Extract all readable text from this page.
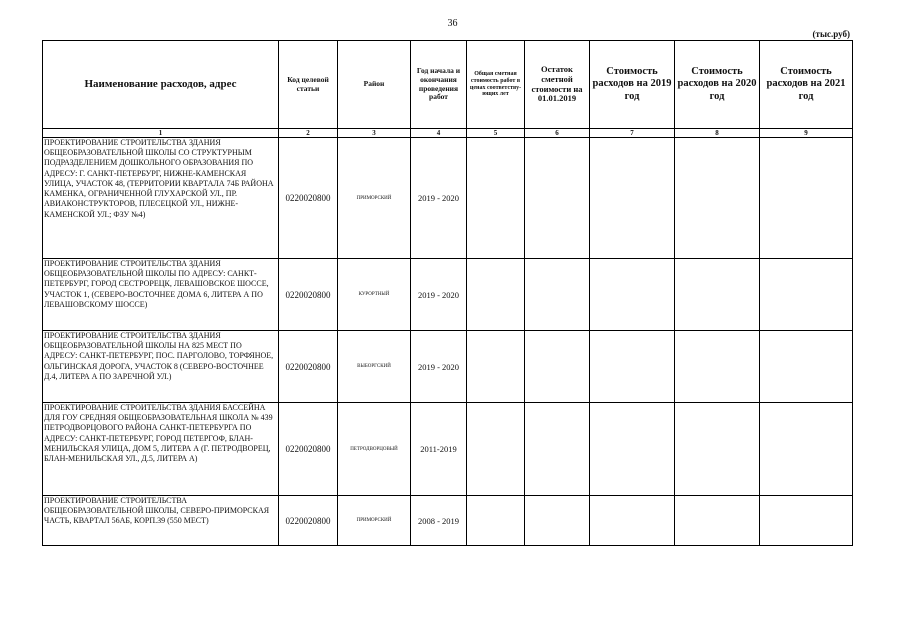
36
(тыс.руб)
Наименование расходов, адрес	Код целевой статьи	Район	Год начала и окончания проведения работ	Общая сметная стоимость работ в ценах соответству-ющих лет	Остаток сметной стоимости на 01.01.2019	Стоимость расходов на 2019 год	Стоимость расходов на 2020 год	Стоимость расходов на 2021 год
1	2	3	4	5	6	7	8	9
ПРОЕКТИРОВАНИЕ СТРОИТЕЛЬСТВА ЗДАНИЯ ОБЩЕОБРАЗОВАТЕЛЬНОЙ ШКОЛЫ СО СТРУКТУРНЫМ ПОДРАЗДЕЛЕНИЕМ ДОШКОЛЬНОГО ОБРАЗОВАНИЯ ПО АДРЕСУ: Г. САНКТ-ПЕТЕРБУРГ, НИЖНЕ-КАМЕНСКАЯ УЛИЦА, УЧАСТОК 48, (ТЕРРИТОРИИ КВАРТАЛА 74Б РАЙОНА КАМЕНКА, ОГРАНИЧЕННОЙ ГЛУХАРСКОЙ УЛ., ПР. АВИАКОНСТРУКТОРОВ, ПЛЕСЕЦКОЙ УЛ., НИЖНЕ-КАМЕНСКОЙ УЛ.; ФЗУ №4)	0220020800	ПРИМОРСКИЙ	2019 - 2020					
ПРОЕКТИРОВАНИЕ СТРОИТЕЛЬСТВА ЗДАНИЯ ОБЩЕОБРАЗОВАТЕЛЬНОЙ ШКОЛЫ ПО АДРЕСУ: САНКТ-ПЕТЕРБУРГ, ГОРОД СЕСТРОРЕЦК, ЛЕВАШОВСКОЕ ШОССЕ, УЧАСТОК 1, (СЕВЕРО-ВОСТОЧНЕЕ ДОМА 6, ЛИТЕРА А ПО ЛЕВАШОВСКОМУ ШОССЕ)	0220020800	КУРОРТНЫЙ	2019 - 2020					
ПРОЕКТИРОВАНИЕ СТРОИТЕЛЬСТВА ЗДАНИЯ ОБЩЕОБРАЗОВАТЕЛЬНОЙ ШКОЛЫ НА 825 МЕСТ ПО АДРЕСУ: САНКТ-ПЕТЕРБУРГ, ПОС. ПАРГОЛОВО, ТОРФЯНОЕ, ОЛЬГИНСКАЯ ДОРОГА, УЧАСТОК 8 (СЕВЕРО-ВОСТОЧНЕЕ Д.4, ЛИТЕРА А ПО ЗАРЕЧНОЙ УЛ.)	0220020800	ВЫБОРГСКИЙ	2019 - 2020					
ПРОЕКТИРОВАНИЕ СТРОИТЕЛЬСТВА ЗДАНИЯ БАССЕЙНА ДЛЯ ГОУ СРЕДНЯЯ ОБЩЕОБРАЗОВАТЕЛЬНАЯ ШКОЛА № 439 ПЕТРОДВОРЦОВОГО РАЙОНА САНКТ-ПЕТЕРБУРГА ПО АДРЕСУ: САНКТ-ПЕТЕРБУРГ, ГОРОД ПЕТЕРГОФ, БЛАН-МЕНИЛЬСКАЯ УЛИЦА, ДОМ 5, ЛИТЕРА А (Г. ПЕТРОДВОРЕЦ, БЛАН-МЕНИЛЬСКАЯ УЛ., Д.5, ЛИТЕРА А)	0220020800	ПЕТРОДВОРЦОВЫЙ	2011-2019					
ПРОЕКТИРОВАНИЕ СТРОИТЕЛЬСТВА ОБЩЕОБРАЗОВАТЕЛЬНОЙ ШКОЛЫ, СЕВЕРО-ПРИМОРСКАЯ ЧАСТЬ, КВАРТАЛ 56АБ, КОРП.39 (550 МЕСТ)	0220020800	ПРИМОРСКИЙ	2008 - 2019					
